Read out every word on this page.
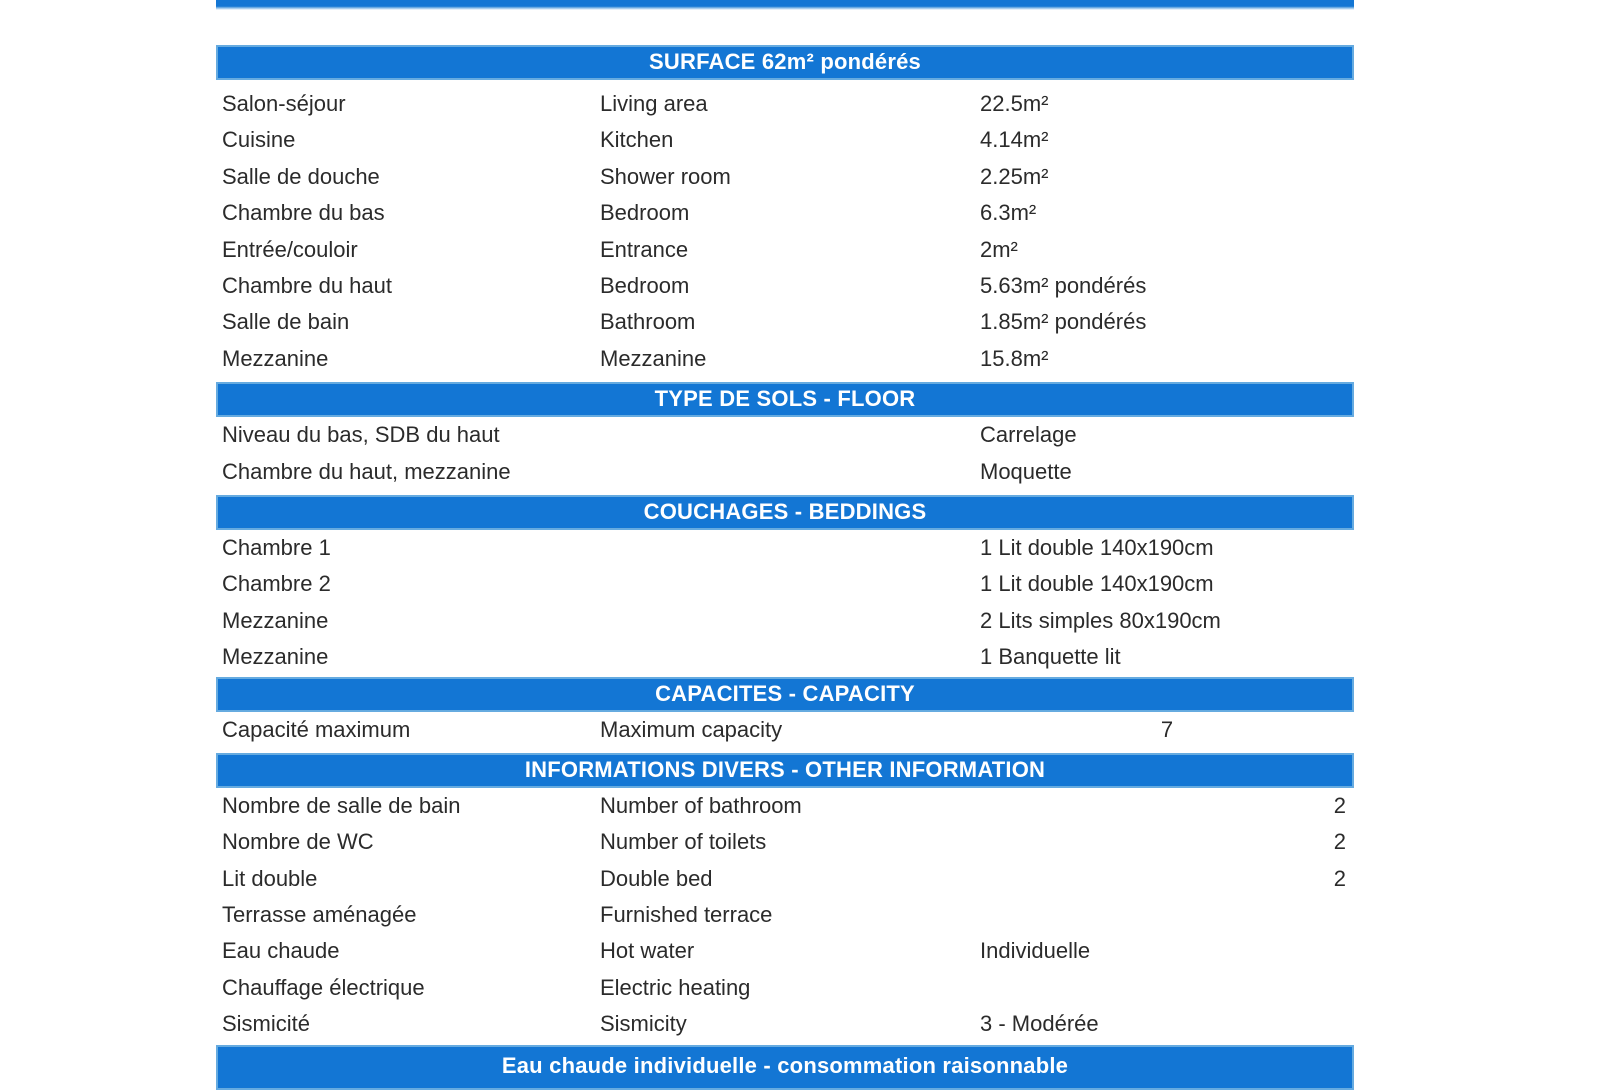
SURFACE 62m² pondérés
Salon-séjour	Living area	22.5m²
Cuisine	Kitchen	4.14m²
Salle de douche	Shower room	2.25m²
Chambre du bas	Bedroom	6.3m²
Entrée/couloir	Entrance	2m²
Chambre du haut	Bedroom	5.63m² pondérés
Salle de bain	Bathroom	1.85m² pondérés
Mezzanine	Mezzanine	15.8m²
TYPE DE SOLS - FLOOR
Niveau du bas, SDB du haut	Carrelage
Chambre du haut, mezzanine	Moquette
COUCHAGES - BEDDINGS
Chambre 1	1 Lit double 140x190cm
Chambre 2	1 Lit double 140x190cm
Mezzanine	2 Lits simples 80x190cm
Mezzanine	1 Banquette lit
CAPACITES - CAPACITY
Capacité maximum	Maximum capacity	7
INFORMATIONS DIVERS - OTHER INFORMATION
Nombre de salle de bain	Number of bathroom	2
Nombre de WC	Number of toilets	2
Lit double	Double bed	2
Terrasse aménagée	Furnished terrace
Eau chaude	Hot water	Individuelle
Chauffage électrique	Electric heating
Sismicité	Sismicity	3 - Modérée
Eau chaude individuelle - consommation raisonnable
